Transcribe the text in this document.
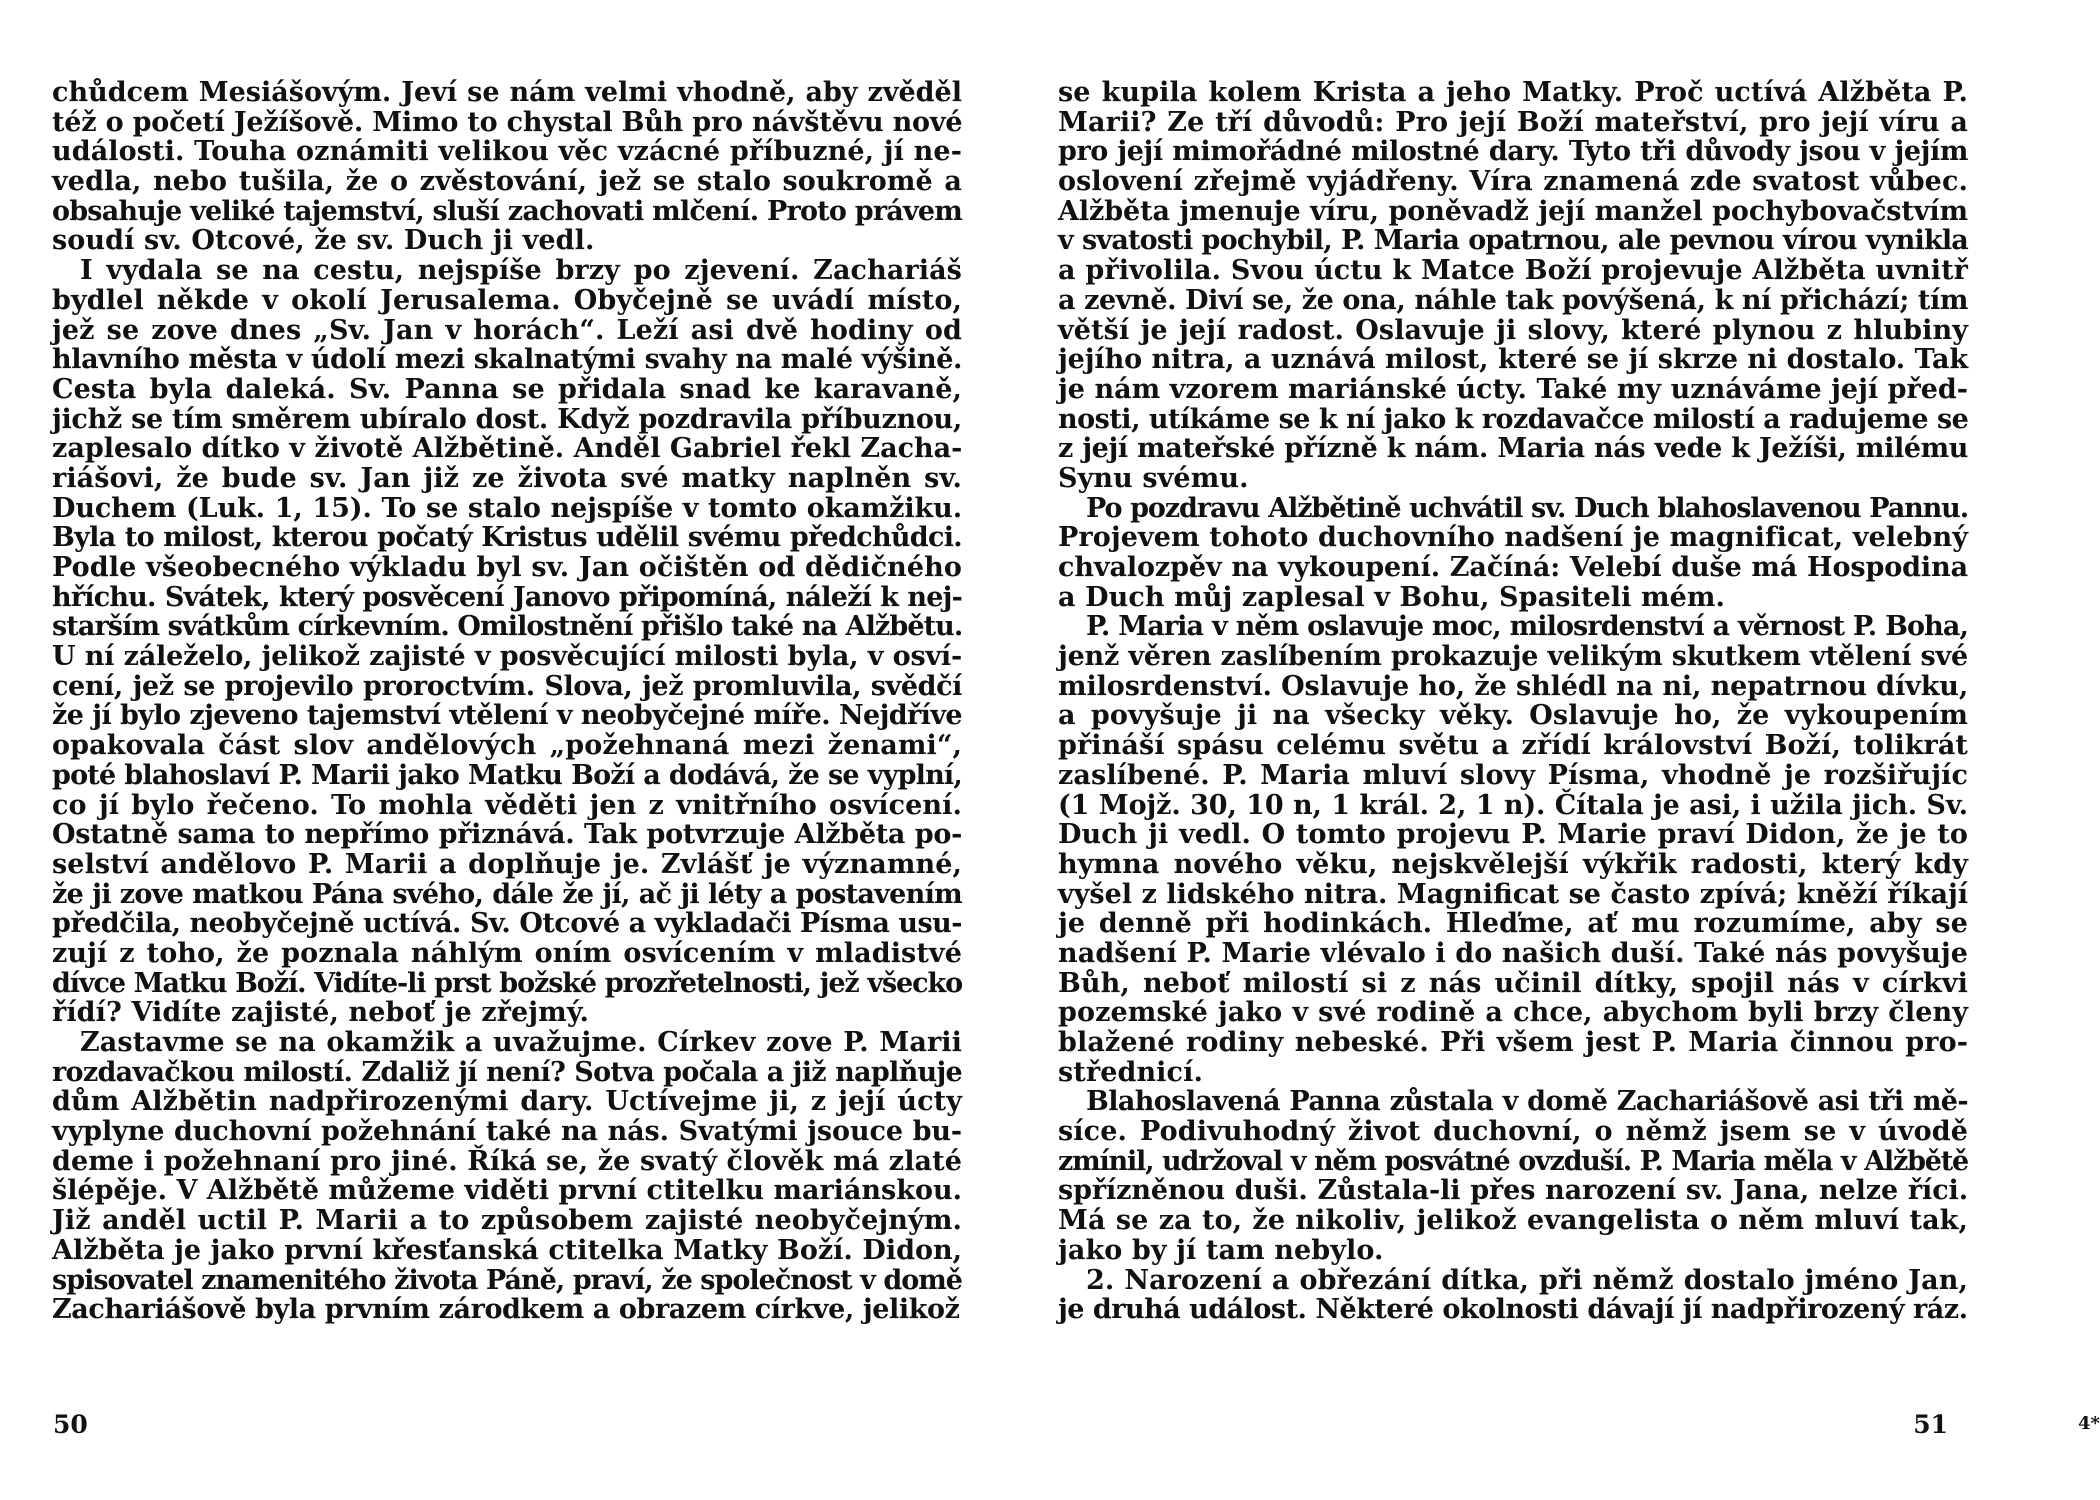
chůdcem Mesiášovým. Jeví se nám velmi vhodně, aby zvěděl
též o početí Ježíšově. Mimo to chystal Bůh pro návštěvu nové
události. Touha oznámiti velikou věc vzácné příbuzné, jí ne-
vedla, nebo tušila, že o zvěstování, jež se stalo soukromě a
obsahuje veliké tajemství, sluší zachovati mlčení. Proto právem
soudí sv. Otcové, že sv. Duch ji vedl.
I vydala se na cestu, nejspíše brzy po zjevení. Zachariáš
bydlel někde v okolí Jerusalema. Obyčejně se uvádí místo,
jež se zove dnes „Sv. Jan v horách“. Leží asi dvě hodiny od
hlavního města v údolí mezi skalnatými svahy na malé výšině.
Cesta byla daleká. Sv. Panna se přidala snad ke karavaně,
jichž se tím směrem ubíralo dost. Když pozdravila příbuznou,
zaplesalo dítko v životě Alžbětině. Anděl Gabriel řekl Zacha-
riášovi, že bude sv. Jan již ze života své matky naplněn sv.
Duchem (Luk. 1, 15). To se stalo nejspíše v tomto okamžiku.
Byla to milost, kterou počatý Kristus udělil svému předchůdci.
Podle všeobecného výkladu byl sv. Jan očištěn od dědičného
hříchu. Svátek, který posvěcení Janovo připomíná, náleží k nej-
starším svátkům církevním. Omilostnění přišlo také na Alžbětu.
U ní záleželo, jelikož zajisté v posvěcující milosti byla, v osví-
cení, jež se projevilo proroctvím. Slova, jež promluvila, svědčí
že jí bylo zjeveno tajemství vtělení v neobyčejné míře. Nejdříve
opakovala část slov andělových „požehnaná mezi ženami“,
poté blahoslaví P. Marii jako Matku Boží a dodává, že se vyplní,
co jí bylo řečeno. To mohla věděti jen z vnitřního osvícení.
Ostatně sama to nepřímo přiznává. Tak potvrzuje Alžběta po-
selství andělovo P. Marii a doplňuje je. Zvlášť je významné,
že ji zove matkou Pána svého, dále že jí, ač ji léty a postavením
předčila, neobyčejně uctívá. Sv. Otcové a vykladači Písma usu-
zují z toho, že poznala náhlým oním osvícením v mladistvé
dívce Matku Boží. Vidíte-li prst božské prozřetelnosti, jež všecko
řídí? Vidíte zajisté, neboť je zřejmý.
Zastavme se na okamžik a uvažujme. Církev zove P. Marii
rozdavačkou milostí. Zdaliž jí není? Sotva počala a již naplňuje
dům Alžbětin nadpřirozenými dary. Uctívejme ji, z její úcty
vyplyne duchovní požehnání také na nás. Svatými jsouce bu-
deme i požehnaní pro jiné. Říká se, že svatý člověk má zlaté
šlépěje. V Alžbětě můžeme viděti první ctitelku mariánskou.
Již anděl uctil P. Marii a to způsobem zajisté neobyčejným.
Alžběta je jako první křesťanská ctitelka Matky Boží. Didon,
spisovatel znamenitého života Páně, praví, že společnost v domě
Zachariášově byla prvním zárodkem a obrazem církve, jelikož
50
se kupila kolem Krista a jeho Matky. Proč uctívá Alžběta P.
Marii? Ze tří důvodů: Pro její Boží mateřství, pro její víru a
pro její mimořádné milostné dary. Tyto tři důvody jsou v jejím
oslovení zřejmě vyjádřeny. Víra znamená zde svatost vůbec.
Alžběta jmenuje víru, poněvadž její manžel pochybovačstvím
v svatosti pochybil, P. Maria opatrnou, ale pevnou vírou vynikla
a přivolila. Svou úctu k Matce Boží projevuje Alžběta uvnitř
a zevně. Diví se, že ona, náhle tak povýšená, k ní přichází; tím
větší je její radost. Oslavuje ji slovy, které plynou z hlubiny
jejího nitra, a uznává milost, které se jí skrze ni dostalo. Tak
je nám vzorem mariánské úcty. Také my uznáváme její před-
nosti, utíkáme se k ní jako k rozdavačce milostí a radujeme se
z její mateřské přízně k nám. Maria nás vede k Ježíši, milému
Synu svému.
Po pozdravu Alžbětině uchvátil sv. Duch blahoslavenou Pannu.
Projevem tohoto duchovního nadšení je magnificat, velebný
chvalozpěv na vykoupení. Začíná: Velebí duše má Hospodina
a Duch můj zaplesal v Bohu, Spasiteli mém.
P. Maria v něm oslavuje moc, milosrdenství a věrnost P. Boha,
jenž věren zaslíbením prokazuje velikým skutkem vtělení své
milosrdenství. Oslavuje ho, že shlédl na ni, nepatrnou dívku,
a povyšuje ji na všecky věky. Oslavuje ho, že vykoupením
přináší spásu celému světu a zřídí království Boží, tolikrát
zaslíbené. P. Maria mluví slovy Písma, vhodně je rozšiřujíc
(1 Mojž. 30, 10 n, 1 král. 2, 1 n). Čítala je asi, i užila jich. Sv.
Duch ji vedl. O tomto projevu P. Marie praví Didon, že je to
hymna nového věku, nejskvělejší výkřik radosti, který kdy
vyšel z lidského nitra. Magnificat se často zpívá; kněží říkají
je denně při hodinkách. Hleďme, ať mu rozumíme, aby se
nadšení P. Marie vlévalo i do našich duší. Také nás povyšuje
Bůh, neboť milostí si z nás učinil dítky, spojil nás v církvi
pozemské jako v své rodině a chce, abychom byli brzy členy
blažené rodiny nebeské. Při všem jest P. Maria činnou pro-
střednicí.
Blahoslavená Panna zůstala v domě Zachariášově asi tři mě-
síce. Podivuhodný život duchovní, o němž jsem se v úvodě
zmínil, udržoval v něm posvátné ovzduší. P. Maria měla v Alžbětě
spřízněnou duši. Zůstala-li přes narození sv. Jana, nelze říci.
Má se za to, že nikoliv, jelikož evangelista o něm mluví tak,
jako by jí tam nebylo.
2. Narození a obřezání dítka, při němž dostalo jméno Jan,
je druhá událost. Některé okolnosti dávají jí nadpřirozený ráz.
4*
51
